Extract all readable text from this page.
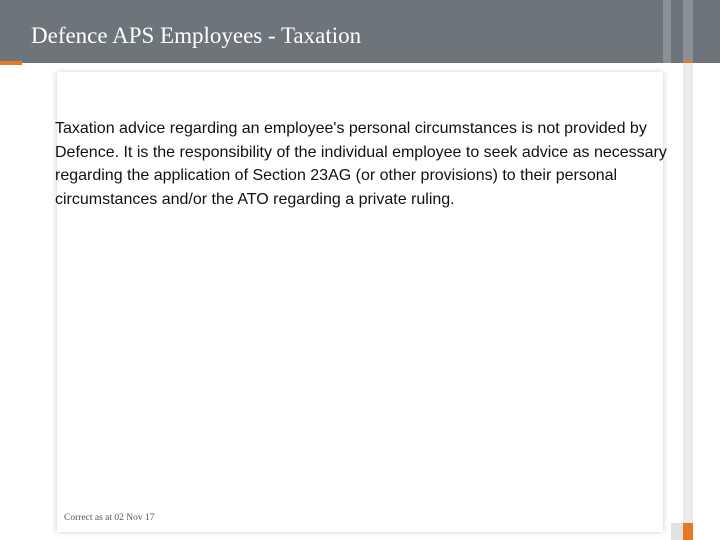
Defence APS Employees - Taxation
Taxation advice regarding an employee's personal circumstances is not provided by Defence. It is the responsibility of the individual employee to seek advice as necessary regarding the application of Section 23AG (or other provisions) to their personal circumstances and/or the ATO regarding a private ruling.
Correct as at 02 Nov 17
